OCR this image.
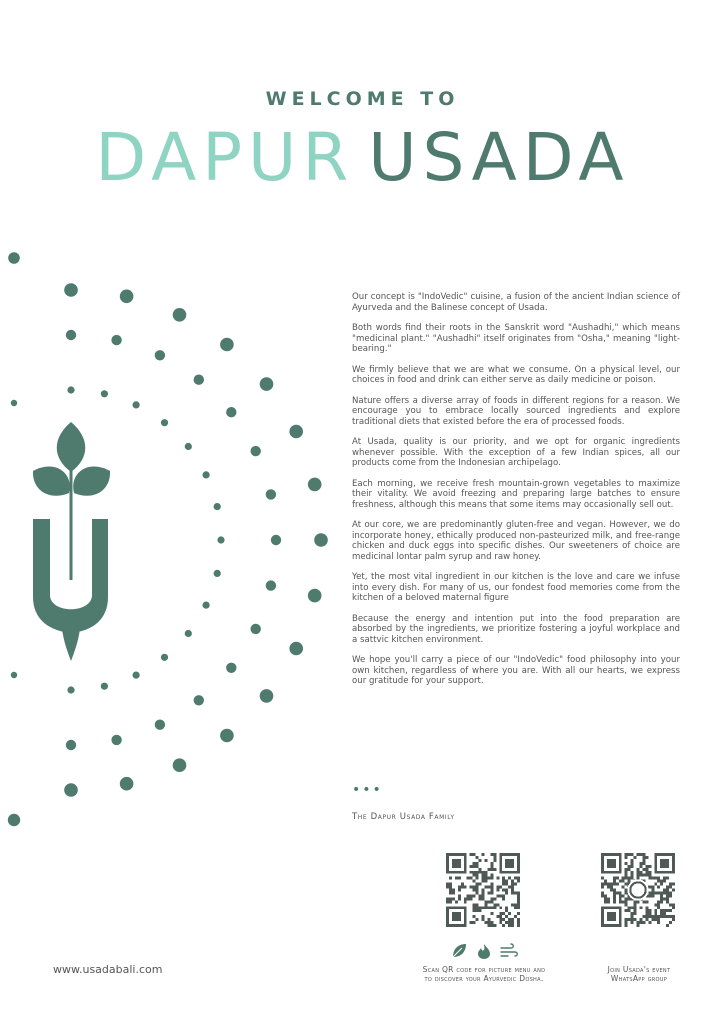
WELCOME TO
DAPUR USADA

Our concept is "IndoVedic" cuisine, a fusion of the ancient Indian science of Ayurveda and the Balinese concept of Usada.

Both words find their roots in the Sanskrit word "Aushadhi," which means "medicinal plant." "Aushadhi" itself originates from "Osha," meaning "light-bearing."

We firmly believe that we are what we consume. On a physical level, our choices in food and drink can either serve as daily medicine or poison.

Nature offers a diverse array of foods in different regions for a reason. We encourage you to embrace locally sourced ingredients and explore traditional diets that existed before the era of processed foods.

At Usada, quality is our priority, and we opt for organic ingredients whenever possible. With the exception of a few Indian spices, all our products come from the Indonesian archipelago.

Each morning, we receive fresh mountain-grown vegetables to maximize their vitality. We avoid freezing and preparing large batches to ensure freshness, although this means that some items may occasionally sell out.

At our core, we are predominantly gluten-free and vegan. However, we do incorporate honey, ethically produced non-pasteurized milk, and free-range chicken and duck eggs into specific dishes. Our sweeteners of choice are medicinal lontar palm syrup and raw honey.

Yet, the most vital ingredient in our kitchen is the love and care we infuse into every dish. For many of us, our fondest food memories come from the kitchen of a beloved maternal figure

Because the energy and intention put into the food preparation are absorbed by the ingredients, we prioritize fostering a joyful workplace and a sattvic kitchen environment.

We hope you'll carry a piece of our "IndoVedic" food philosophy into your own kitchen, regardless of where you are. With all our hearts, we express our gratitude for your support.

•••
The Dapur Usada Family
www.usadabali.com	Scan QR code for picture menu and
to discover your Ayurvedic Dosha.
Join Usada's event
WhatsApp group
